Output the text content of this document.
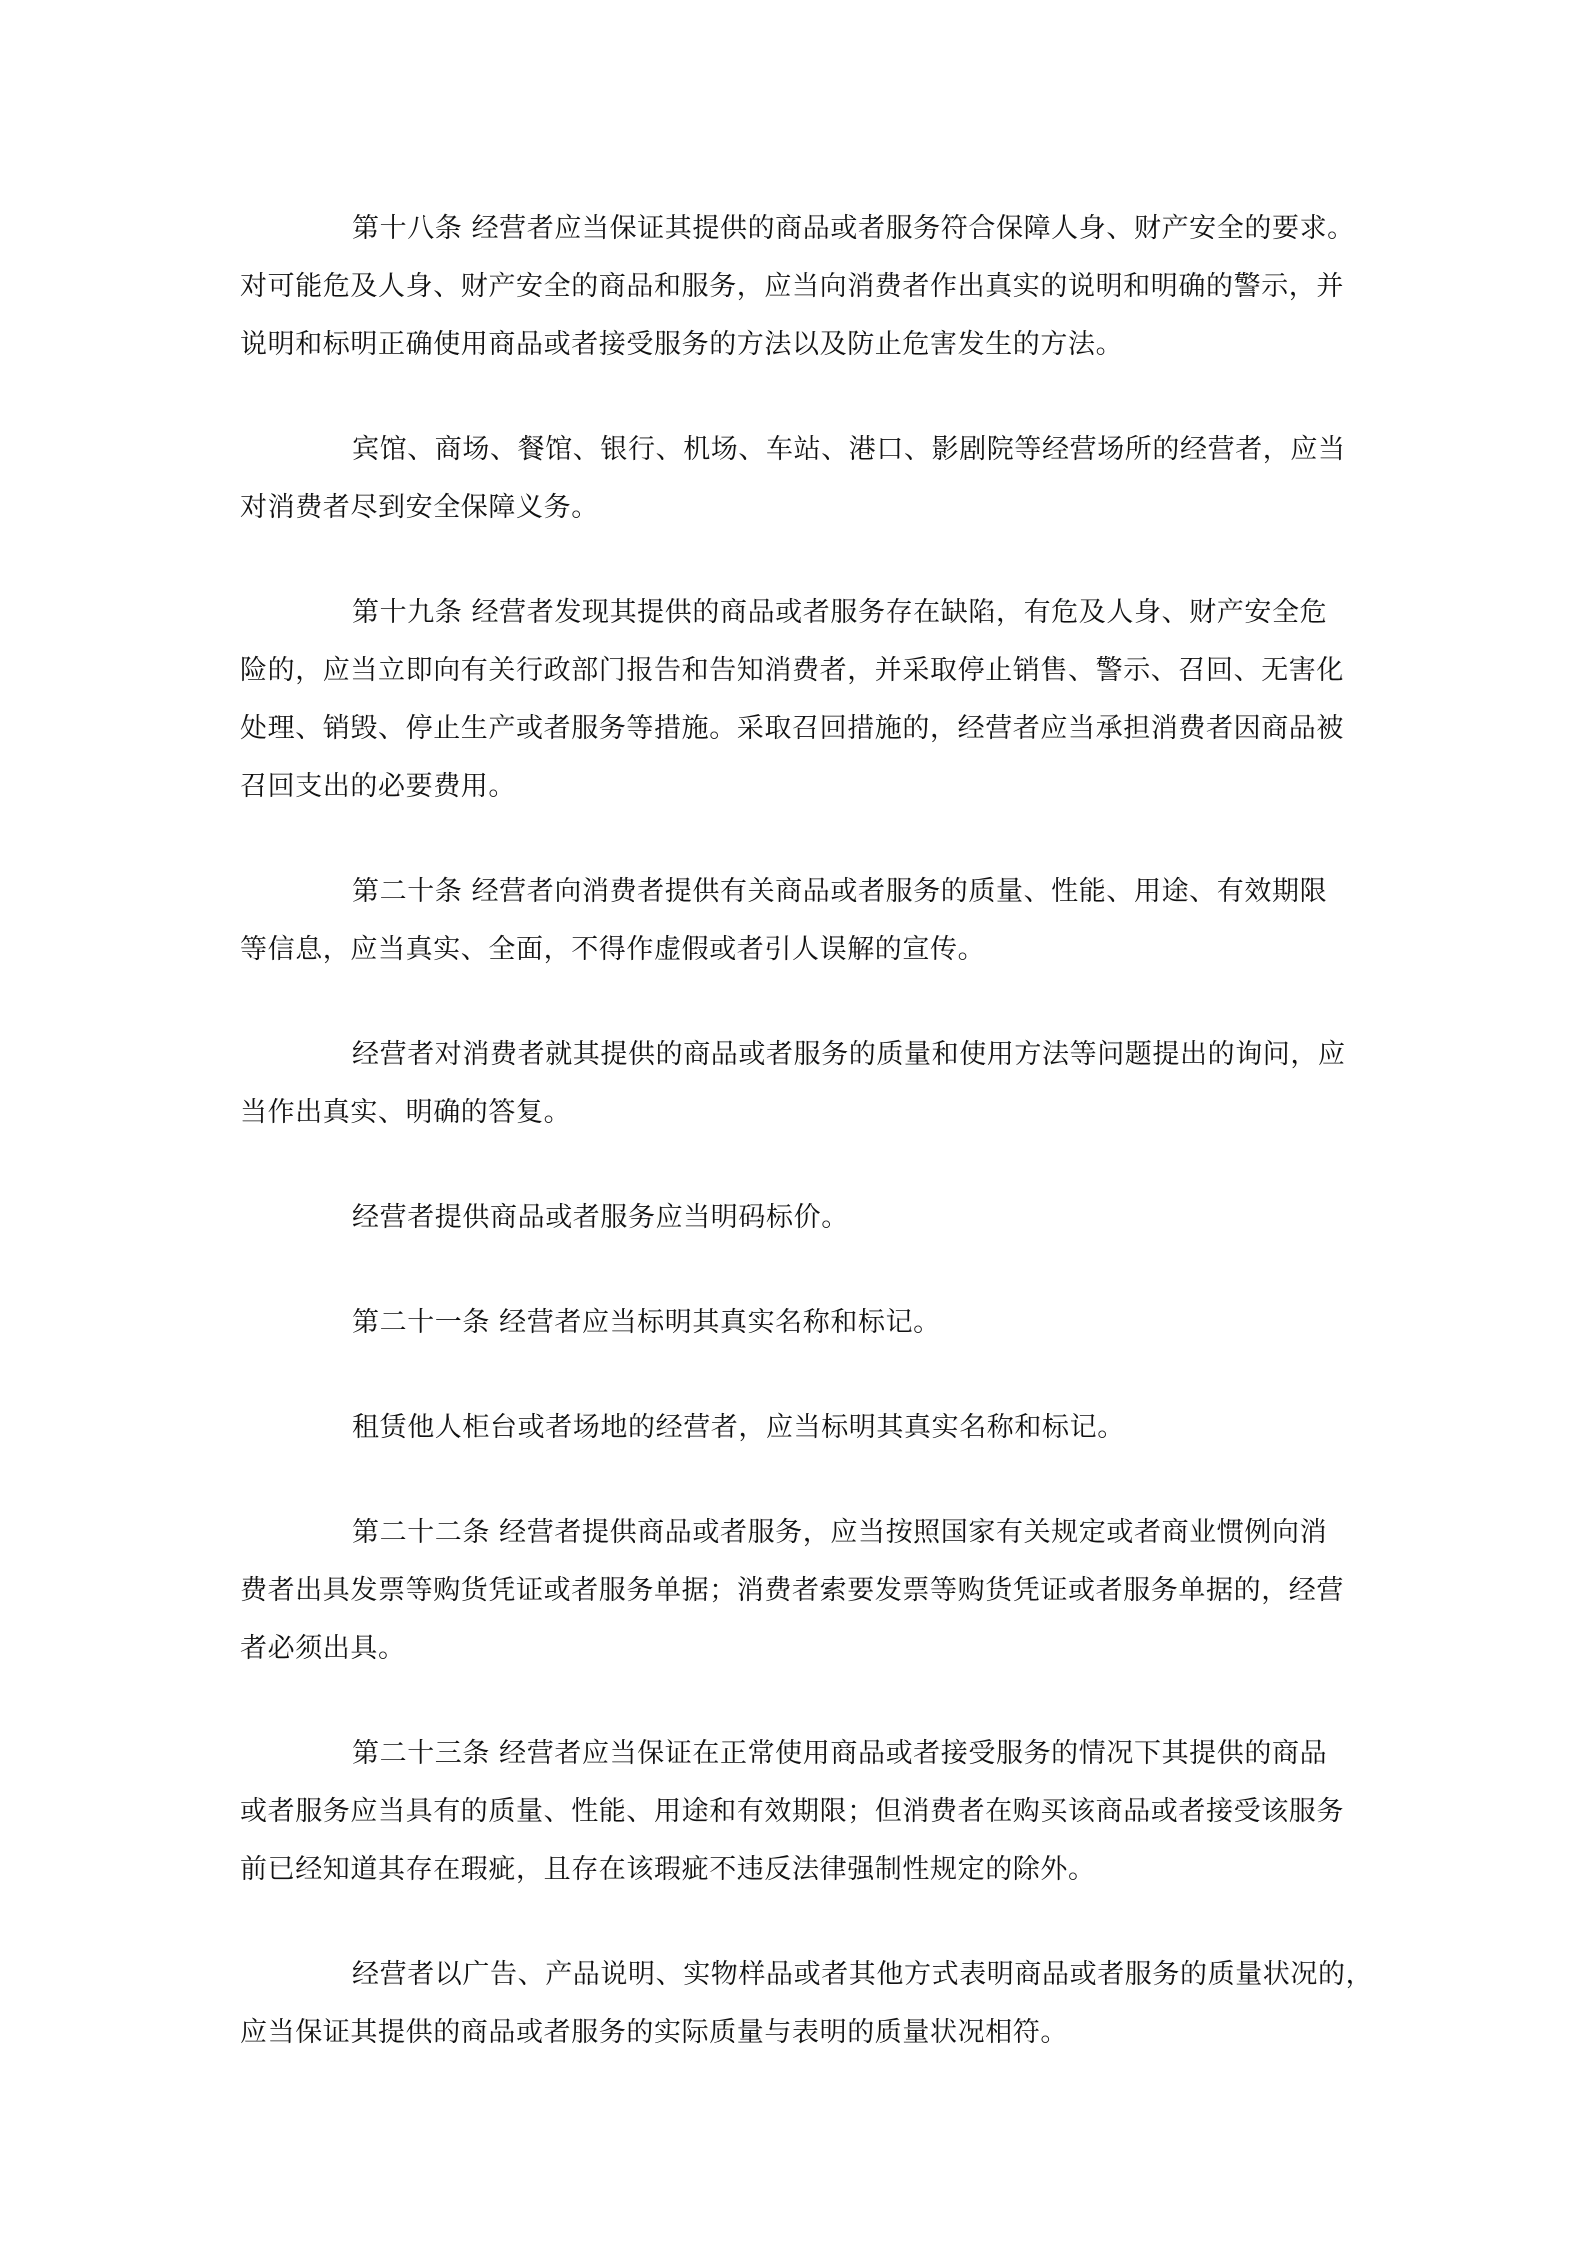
第十八条 经营者应当保证其提供的商品或者服务符合保障人身、财产安全的要求。
对可能危及人身、财产安全的商品和服务，应当向消费者作出真实的说明和明确的警示，并
说明和标明正确使用商品或者接受服务的方法以及防止危害发生的方法。

宾馆、商场、餐馆、银行、机场、车站、港口、影剧院等经营场所的经营者，应当
对消费者尽到安全保障义务。

第十九条 经营者发现其提供的商品或者服务存在缺陷，有危及人身、财产安全危
险的，应当立即向有关行政部门报告和告知消费者，并采取停止销售、警示、召回、无害化
处理、销毁、停止生产或者服务等措施。采取召回措施的，经营者应当承担消费者因商品被
召回支出的必要费用。

第二十条 经营者向消费者提供有关商品或者服务的质量、性能、用途、有效期限
等信息，应当真实、全面，不得作虚假或者引人误解的宣传。

经营者对消费者就其提供的商品或者服务的质量和使用方法等问题提出的询问，应
当作出真实、明确的答复。

经营者提供商品或者服务应当明码标价。

第二十一条 经营者应当标明其真实名称和标记。

租赁他人柜台或者场地的经营者，应当标明其真实名称和标记。

第二十二条 经营者提供商品或者服务，应当按照国家有关规定或者商业惯例向消
费者出具发票等购货凭证或者服务单据；消费者索要发票等购货凭证或者服务单据的，经营
者必须出具。

第二十三条 经营者应当保证在正常使用商品或者接受服务的情况下其提供的商品
或者服务应当具有的质量、性能、用途和有效期限；但消费者在购买该商品或者接受该服务
前已经知道其存在瑕疵，且存在该瑕疵不违反法律强制性规定的除外。

经营者以广告、产品说明、实物样品或者其他方式表明商品或者服务的质量状况的，
应当保证其提供的商品或者服务的实际质量与表明的质量状况相符。
